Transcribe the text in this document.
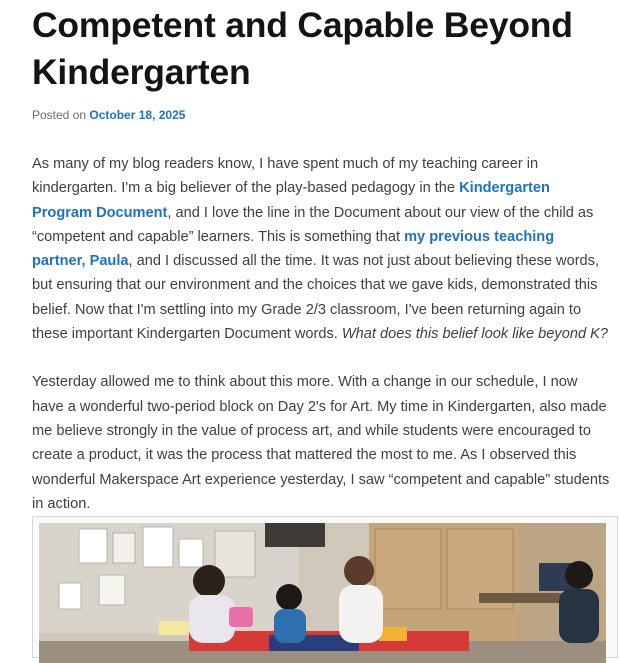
Competent and Capable Beyond Kindergarten
Posted on October 18, 2025

As many of my blog readers know, I have spent much of my teaching career in kindergarten. I'm a big believer of the play-based pedagogy in the Kindergarten Program Document, and I love the line in the Document about our view of the child as “competent and capable” learners. This is something that my previous teaching partner, Paula, and I discussed all the time. It was not just about believing these words, but ensuring that our environment and the choices that we gave kids, demonstrated this belief. Now that I'm settling into my Grade 2/3 classroom, I've been returning again to these important Kindergarten Document words. What does this belief look like beyond K?

Yesterday allowed me to think about this more. With a change in our schedule, I now have a wonderful two-period block on Day 2's for Art. My time in Kindergarten, also made me believe strongly in the value of process art, and while students were encouraged to create a product, it was the process that mattered the most to me. As I observed this wonderful Makerspace Art experience yesterday, I saw “competent and capable” students in action.
